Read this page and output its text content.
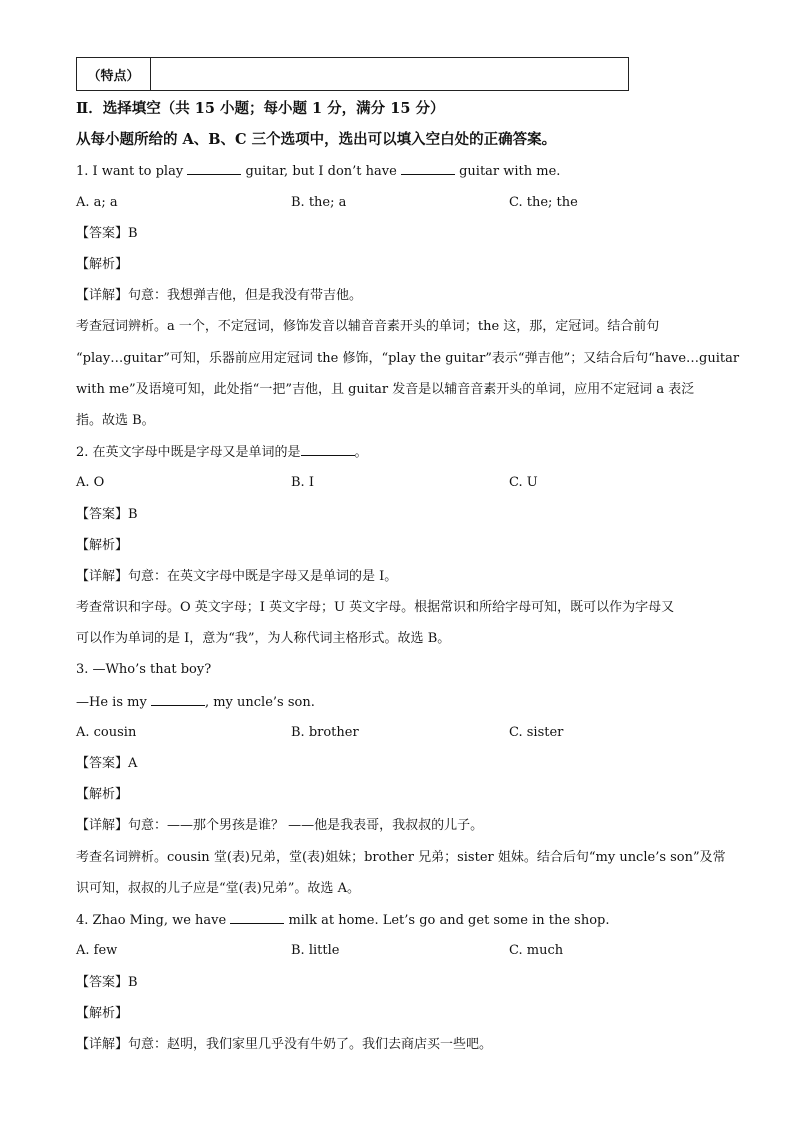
（特点）
Ⅱ．选择填空（共 15 小题；每小题 1 分，满分 15 分）
从每小题所给的 A、B、C 三个选项中，选出可以填入空白处的正确答案。
1. I want to play	guitar, but I don’t have	guitar with me.
A. a; a	B. the; a	C. the; the
【答案】B
【解析】
【详解】句意：我想弹吉他，但是我没有带吉他。
考查冠词辨析。a 一个，不定冠词，修饰发音以辅音音素开头的单词；the 这，那，定冠词。结合前句
“play…guitar”可知，乐器前应用定冠词 the 修饰，“play the guitar”表示“弹吉他”；又结合后句“have…guitar
with me”及语境可知，此处指“一把”吉他，且 guitar 发音是以辅音音素开头的单词，应用不定冠词 a 表泛
指。故选 B。
2. 在英文字母中既是字母又是单词的是	。
A. O	B. I	C. U
【答案】B
【解析】
【详解】句意：在英文字母中既是字母又是单词的是 I。
考查常识和字母。O 英文字母；I 英文字母；U 英文字母。根据常识和所给字母可知，既可以作为字母又
可以作为单词的是 I，意为“我”，为人称代词主格形式。故选 B。
3. —Who’s that boy?
—He is my	, my uncle’s son.
A. cousin	B. brother	C. sister
【答案】A
【解析】
【详解】句意：——那个男孩是谁？ ——他是我表哥，我叔叔的儿子。
考查名词辨析。cousin 堂(表)兄弟，堂(表)姐妹；brother 兄弟；sister 姐妹。结合后句“my uncle’s son”及常
识可知，叔叔的儿子应是“堂(表)兄弟”。故选 A。
4. Zhao Ming, we have	milk at home. Let’s go and get some in the shop.
A. few	B. little	C. much
【答案】B
【解析】
【详解】句意：赵明，我们家里几乎没有牛奶了。我们去商店买一些吧。
